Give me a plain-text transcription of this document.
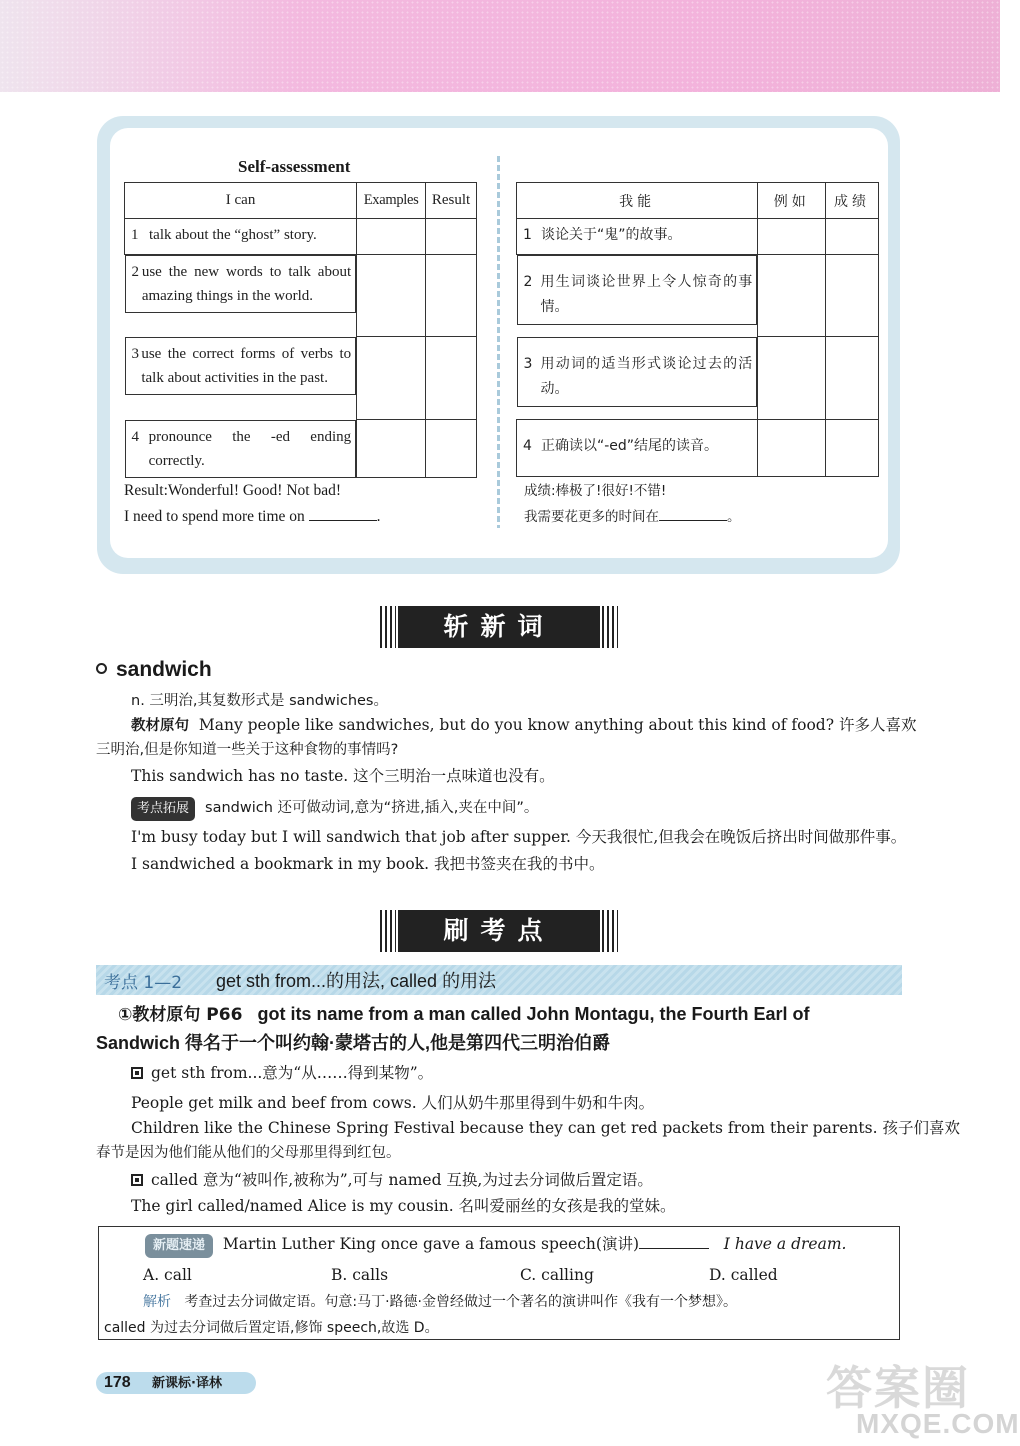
Self-assessment
I can	Examples	Result
1 talk about the “ghost” story.		

2 use the new words to talk about amazing things in the world.

3 use the correct forms of verbs to talk about activities in the past.

4 pronounce the -ed ending correctly.

我能	例如	成绩
1 谈论关于“鬼”的故事。		

2 用生词谈论世界上令人惊奇的事情。

3 用动词的适当形式谈论过去的活动。

4 正确读以“-ed”结尾的读音。		
Result:Wonderful! Good! Not bad!
I need to spend more time on	.
成绩:棒极了!很好!不错!
我需要花更多的时间在	。
斩新词
sandwich
n. 三明治,其复数形式是 sandwiches。
教材原句 Many people like sandwiches, but do you know anything about this kind of food? 许多人喜欢
三明治,但是你知道一些关于这种食物的事情吗?
This sandwich has no taste. 这个三明治一点味道也没有。
考点拓展 sandwich 还可做动词,意为“挤进,插入,夹在中间”。
I'm busy today but I will sandwich that job after supper. 今天我很忙,但我会在晚饭后挤出时间做那件事。
I sandwiched a bookmark in my book. 我把书签夹在我的书中。
刷考点
考点 1—2 get sth from...的用法, called 的用法
①教材原句 P66 got its name from a man called John Montagu, the Fourth Earl of
Sandwich 得名于一个叫约翰·蒙塔古的人,他是第四代三明治伯爵
get sth from...意为“从……得到某物”。
People get milk and beef from cows. 人们从奶牛那里得到牛奶和牛肉。
Children like the Chinese Spring Festival because they can get red packets from their parents. 孩子们喜欢
春节是因为他们能从他们的父母那里得到红包。
called 意为“被叫作,被称为”,可与 named 互换,为过去分词做后置定语。
The girl called/named Alice is my cousin. 名叫爱丽丝的女孩是我的堂妹。
新题速递 Martin Luther King once gave a famous speech(演讲)	I have a dream.
A. call	B. calls	C. calling	D. called
解析 考查过去分词做定语。句意:马丁·路德·金曾经做过一个著名的演讲叫作《我有一个梦想》。
called 为过去分词做后置定语,修饰 speech,故选 D。
178 新课标·译林	答案圈
MXQE.COM
